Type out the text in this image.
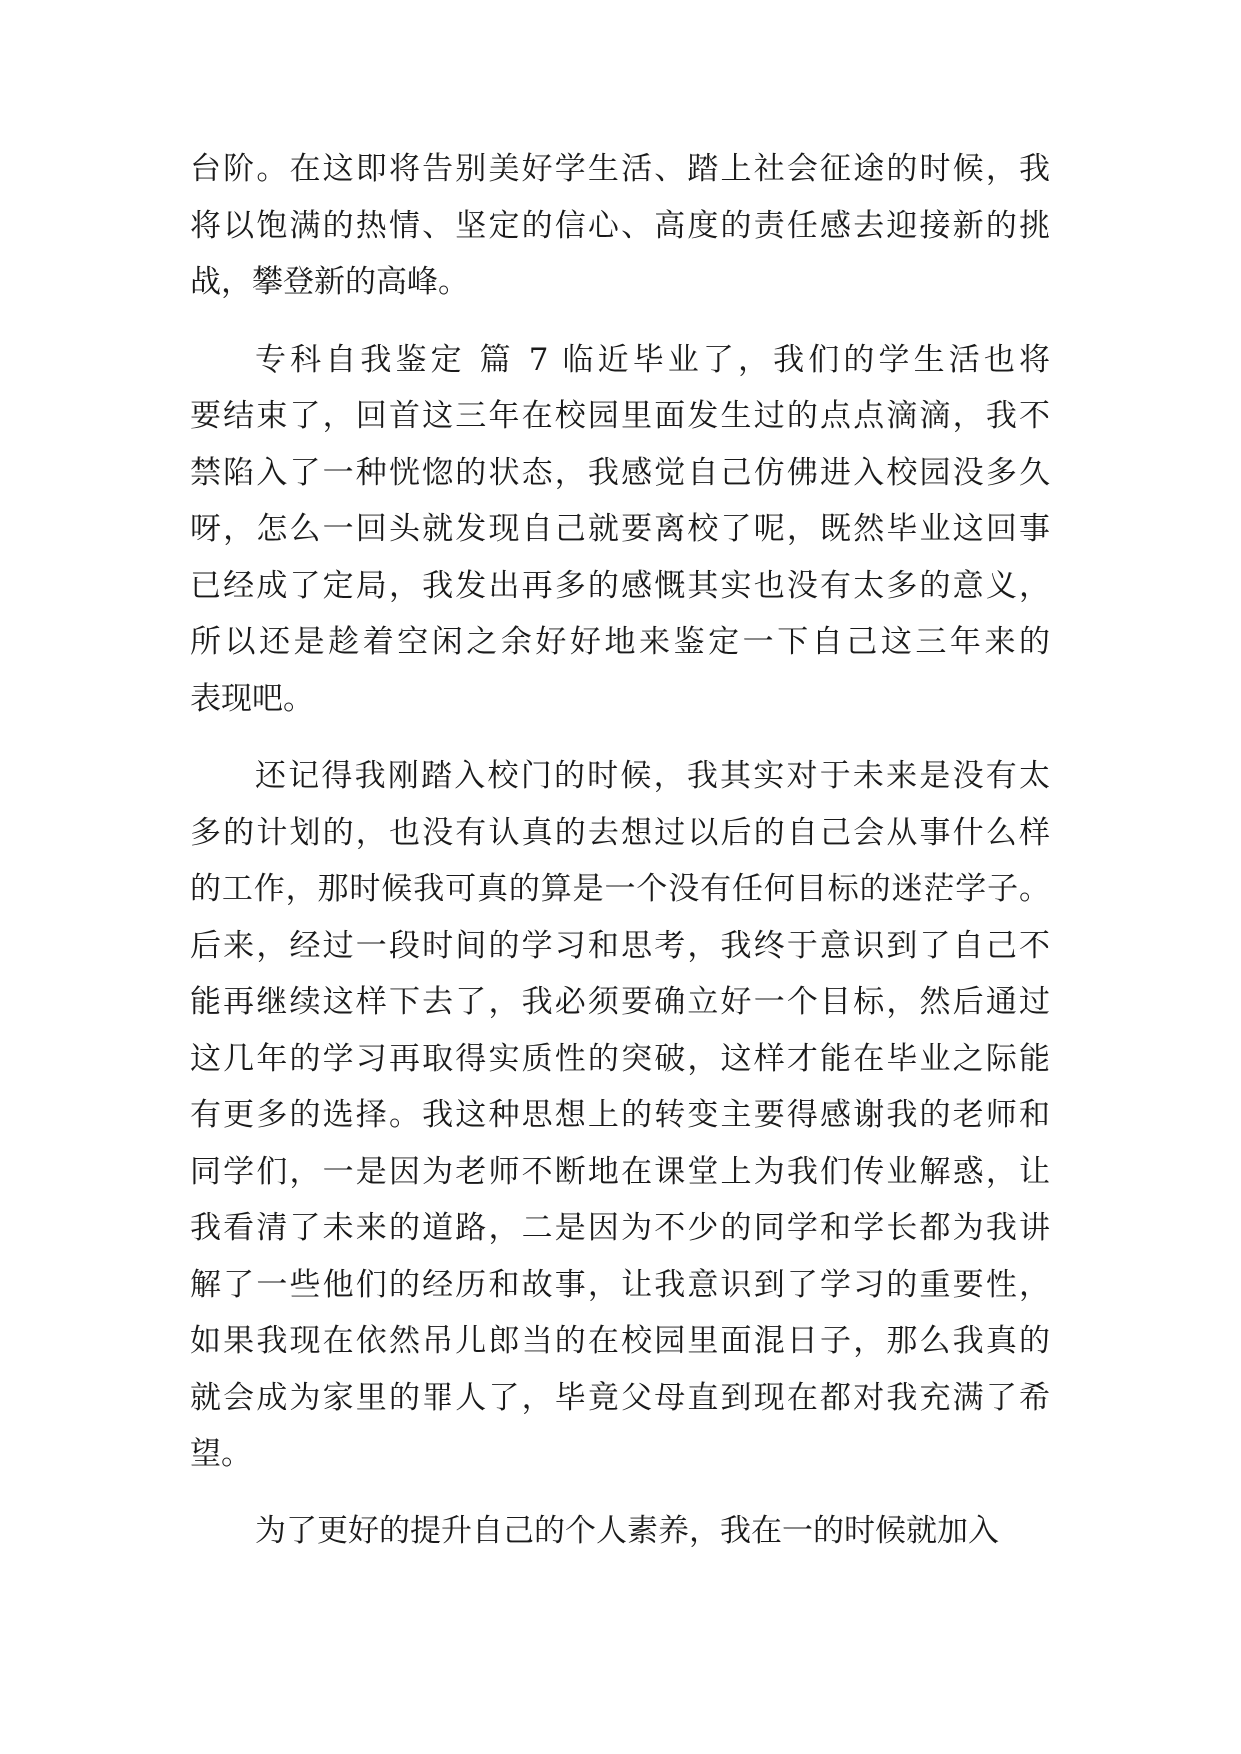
台阶。在这即将告别美好学生活、踏上社会征途的时候，我
将以饱满的热情、坚定的信心、高度的责任感去迎接新的挑
战，攀登新的高峰。
专科自我鉴定 篇 7 临近毕业了，我们的学生活也将
要结束了，回首这三年在校园里面发生过的点点滴滴，我不
禁陷入了一种恍惚的状态，我感觉自己仿佛进入校园没多久
呀，怎么一回头就发现自己就要离校了呢，既然毕业这回事
已经成了定局，我发出再多的感慨其实也没有太多的意义，
所以还是趁着空闲之余好好地来鉴定一下自己这三年来的
表现吧。
还记得我刚踏入校门的时候，我其实对于未来是没有太
多的计划的，也没有认真的去想过以后的自己会从事什么样
的工作，那时候我可真的算是一个没有任何目标的迷茫学子。
后来，经过一段时间的学习和思考，我终于意识到了自己不
能再继续这样下去了，我必须要确立好一个目标，然后通过
这几年的学习再取得实质性的突破，这样才能在毕业之际能
有更多的选择。我这种思想上的转变主要得感谢我的老师和
同学们，一是因为老师不断地在课堂上为我们传业解惑，让
我看清了未来的道路，二是因为不少的同学和学长都为我讲
解了一些他们的经历和故事，让我意识到了学习的重要性，
如果我现在依然吊儿郎当的在校园里面混日子，那么我真的
就会成为家里的罪人了，毕竟父母直到现在都对我充满了希
望。
为了更好的提升自己的个人素养，我在一的时候就加入
